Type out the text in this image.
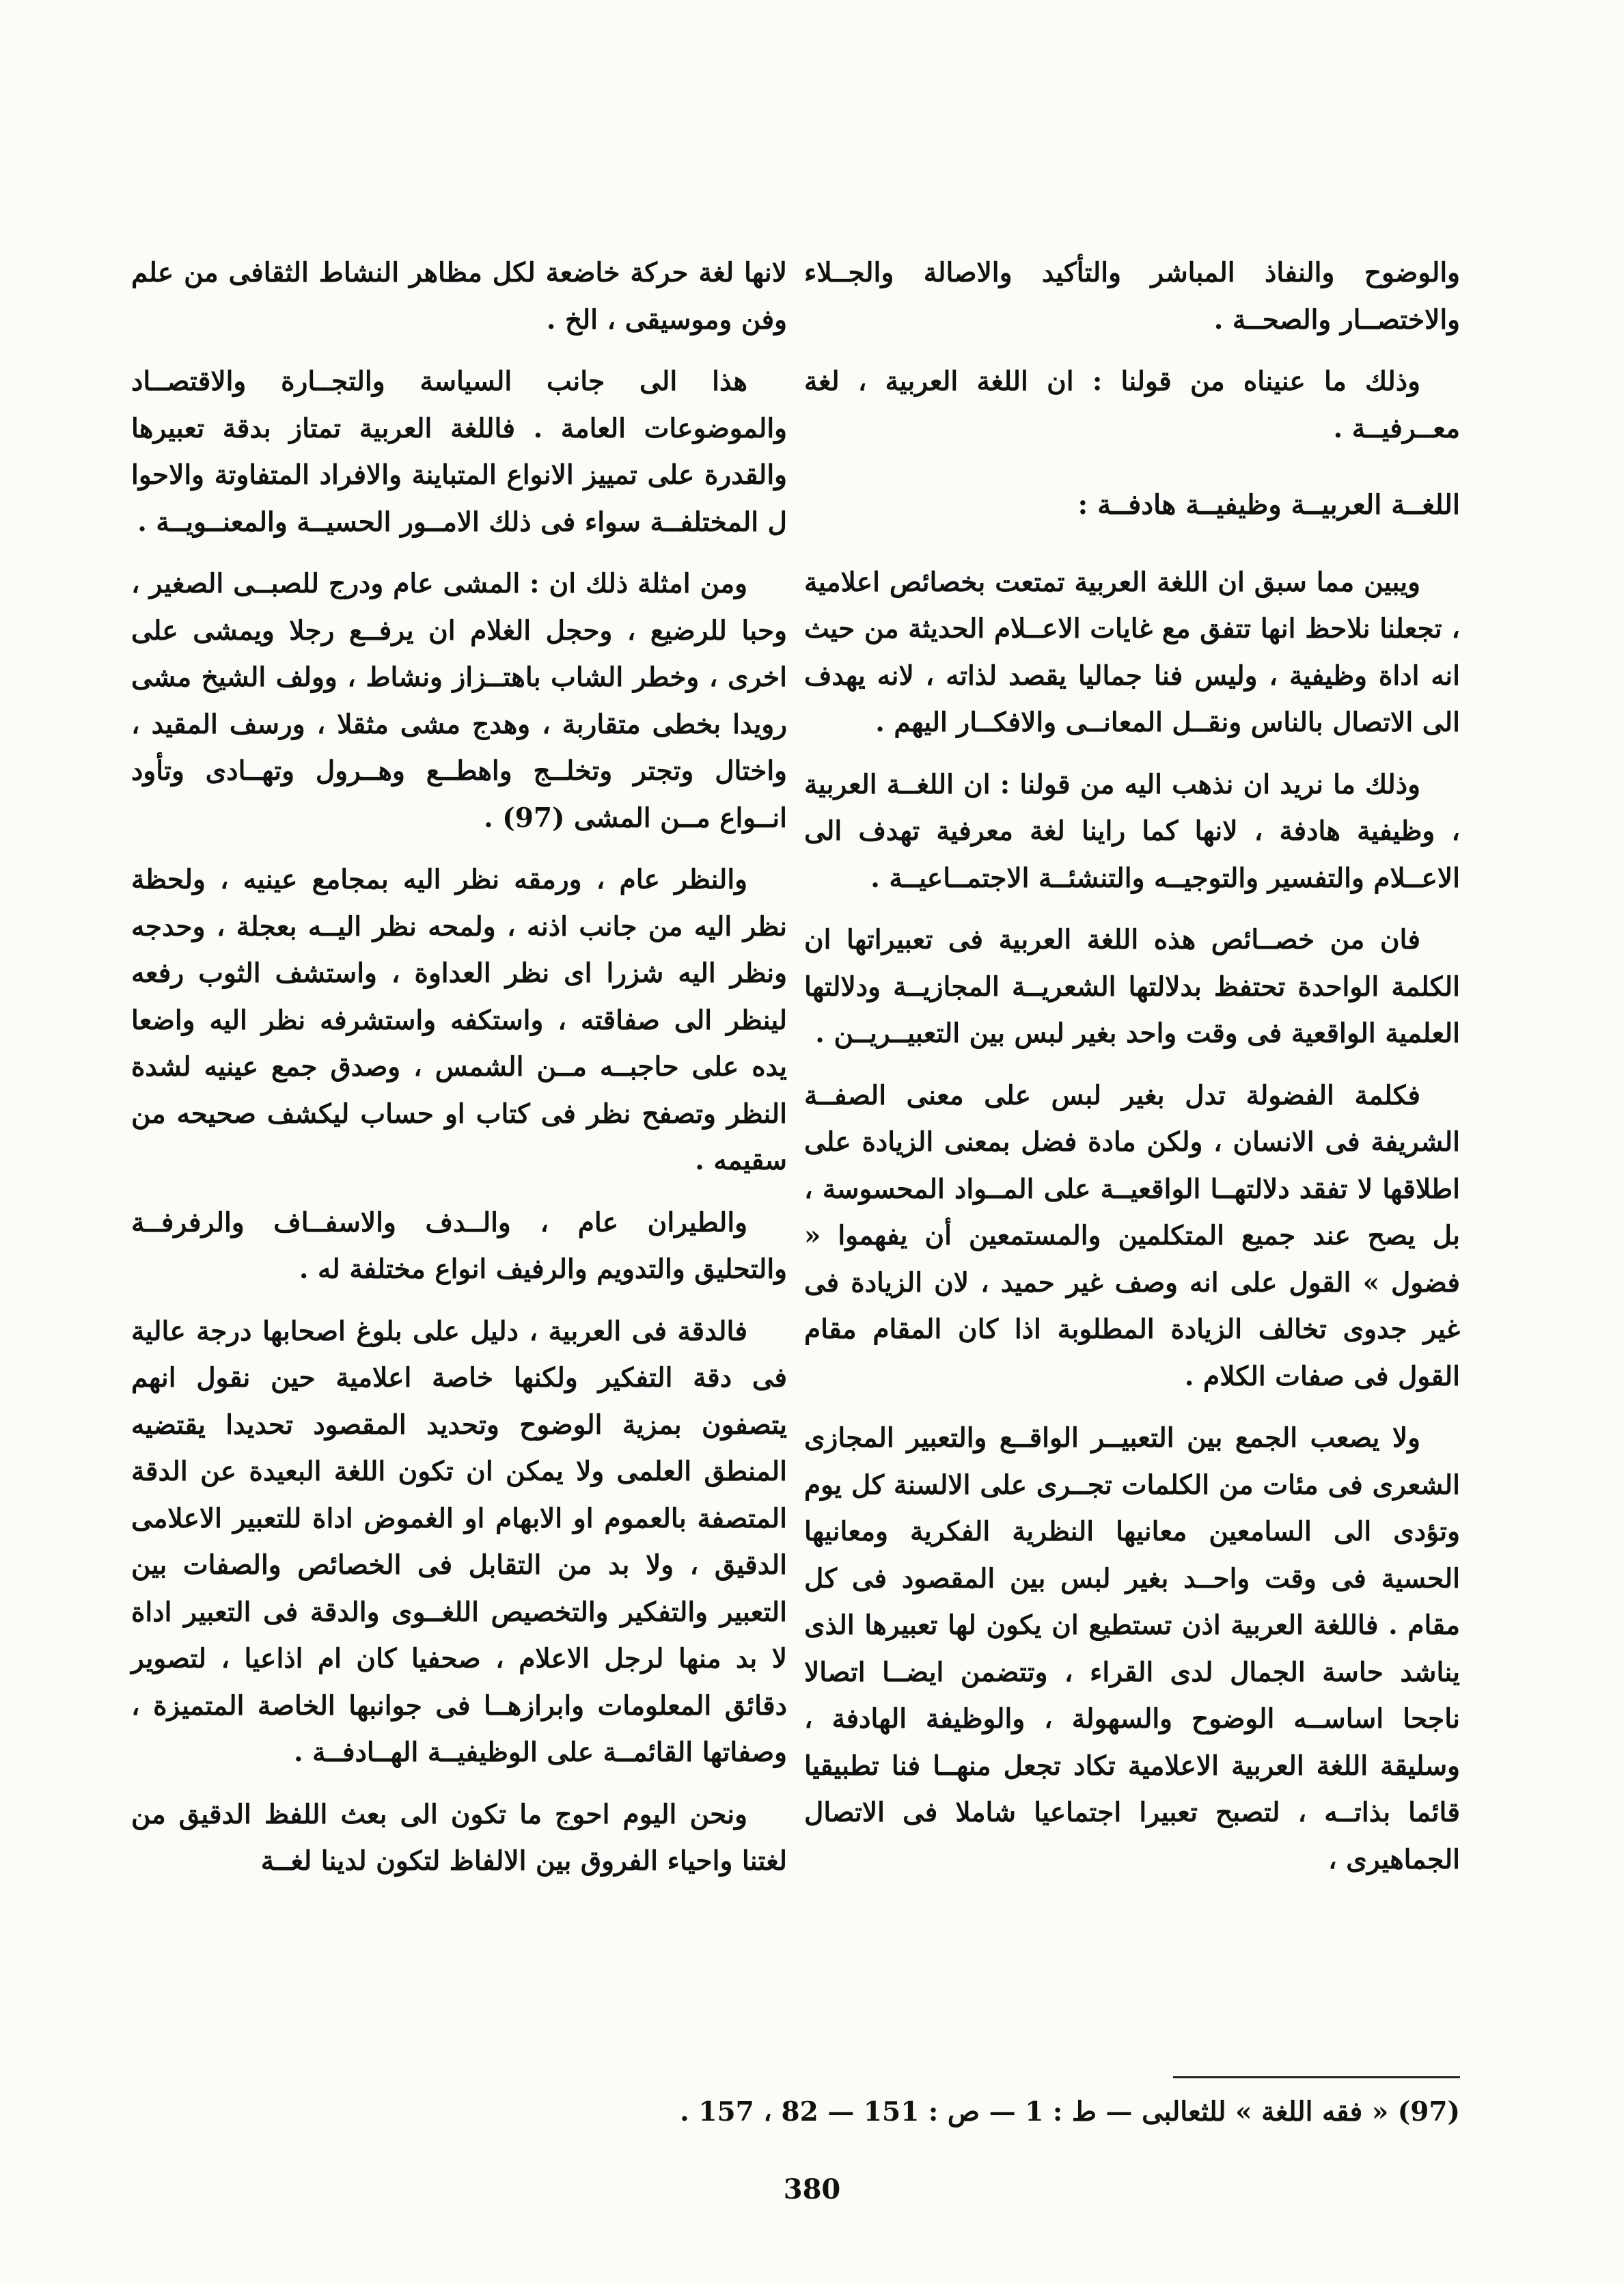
والوضوح والنفاذ المباشر والتأكيد والاصالة والجــلاء والاختصــار والصحــة .

وذلك ما عنيناه من قولنا : ان اللغة العربية ، لغة معــرفيــة .

اللغــة العربيــة وظيفيــة هادفــة :

ويبين مما سبق ان اللغة العربية تمتعت بخصائص اعلامية ، تجعلنا نلاحظ انها تتفق مع غايات الاعــلام الحديثة من حيث انه اداة وظيفية ، وليس فنا جماليا يقصد لذاته ، لانه يهدف الى الاتصال بالناس ونقــل المعانــى والافكــار اليهم .

وذلك ما نريد ان نذهب اليه من قولنا : ان اللغــة العربية ، وظيفية هادفة ، لانها كما راينا لغة معرفية تهدف الى الاعــلام والتفسير والتوجيــه والتنشئــة الاجتمــاعيــة .

فان من خصــائص هذه اللغة العربية فى تعبيراتها ان الكلمة الواحدة تحتفظ بدلالتها الشعريــة المجازيــة ودلالتها العلمية الواقعية فى وقت واحد بغير لبس بين التعبيــريــن .

فكلمة الفضولة تدل بغير لبس على معنى الصفــة الشريفة فى الانسان ، ولكن مادة فضل بمعنى الزيادة على اطلاقها لا تفقد دلالتهــا الواقعيــة على المــواد المحسوسة ، بل يصح عند جميع المتكلمين والمستمعين أن يفهموا « فضول » القول على انه وصف غير حميد ، لان الزيادة فى غير جدوى تخالف الزيادة المطلوبة اذا كان المقام مقام القول فى صفات الكلام .

ولا يصعب الجمع بين التعبيــر الواقــع والتعبير المجازى الشعرى فى مئات من الكلمات تجــرى على الالسنة كل يوم وتؤدى الى السامعين معانيها النظرية الفكرية ومعانيها الحسية فى وقت واحــد بغير لبس بين المقصود فى كل مقام . فاللغة العربية اذن تستطيع ان يكون لها تعبيرها الذى يناشد حاسة الجمال لدى القراء ، وتتضمن ايضــا اتصالا ناجحا اساســه الوضوح والسهولة ، والوظيفة الهادفة ، وسليقة اللغة العربية الاعلامية تكاد تجعل منهــا فنا تطبيقيا قائما بذاتــه ، لتصبح تعبيرا اجتماعيا شاملا فى الاتصال الجماهيرى ،

لانها لغة حركة خاضعة لكل مظاهر النشاط الثقافى من علم وفن وموسيقى ، الخ .

هذا الى جانب السياسة والتجــارة والاقتصــاد والموضوعات العامة . فاللغة العربية تمتاز بدقة تعبيرها والقدرة على تمييز الانواع المتباينة والافراد المتفاوتة والاحوا ل المختلفــة سواء فى ذلك الامــور الحسيــة والمعنــويــة .

ومن امثلة ذلك ان : المشى عام ودرج للصبــى الصغير ، وحبا للرضيع ، وحجل الغلام ان يرفــع رجلا ويمشى على اخرى ، وخطر الشاب باهتــزاز ونشاط ، وولف الشيخ مشى رويدا بخطى متقاربة ، وهدج مشى مثقلا ، ورسف المقيد ، واختال وتجتر وتخلــج واهطــع وهــرول وتهــادى وتأود انــواع مــن المشى (97) .

والنظر عام ، ورمقه نظر اليه بمجامع عينيه ، ولحظة نظر اليه من جانب اذنه ، ولمحه نظر اليــه بعجلة ، وحدجه ونظر اليه شزرا اى نظر العداوة ، واستشف الثوب رفعه لينظر الى صفاقته ، واستكفه واستشرفه نظر اليه واضعا يده على حاجبــه مــن الشمس ، وصدق جمع عينيه لشدة النظر وتصفح نظر فى كتاب او حساب ليكشف صحيحه من سقيمه .

والطيران عام ، والــدف والاسفــاف والرفرفــة والتحليق والتدويم والرفيف انواع مختلفة له .

فالدقة فى العربية ، دليل على بلوغ اصحابها درجة عالية فى دقة التفكير ولكنها خاصة اعلامية حين نقول انهم يتصفون بمزية الوضوح وتحديد المقصود تحديدا يقتضيه المنطق العلمى ولا يمكن ان تكون اللغة البعيدة عن الدقة المتصفة بالعموم او الابهام او الغموض اداة للتعبير الاعلامى الدقيق ، ولا بد من التقابل فى الخصائص والصفات بين التعبير والتفكير والتخصيص اللغــوى والدقة فى التعبير اداة لا بد منها لرجل الاعلام ، صحفيا كان ام اذاعيا ، لتصوير دقائق المعلومات وابرازهــا فى جوانبها الخاصة المتميزة ، وصفاتها القائمــة على الوظيفيــة الهــادفــة .

ونحن اليوم احوج ما تكون الى بعث اللفظ الدقيق من لغتنا واحياء الفروق بين الالفاظ لتكون لدينا لغــة

(97) « فقه اللغة » للثعالبى — ط : 1 — ص : 151 — 82 ، 157 .
380
